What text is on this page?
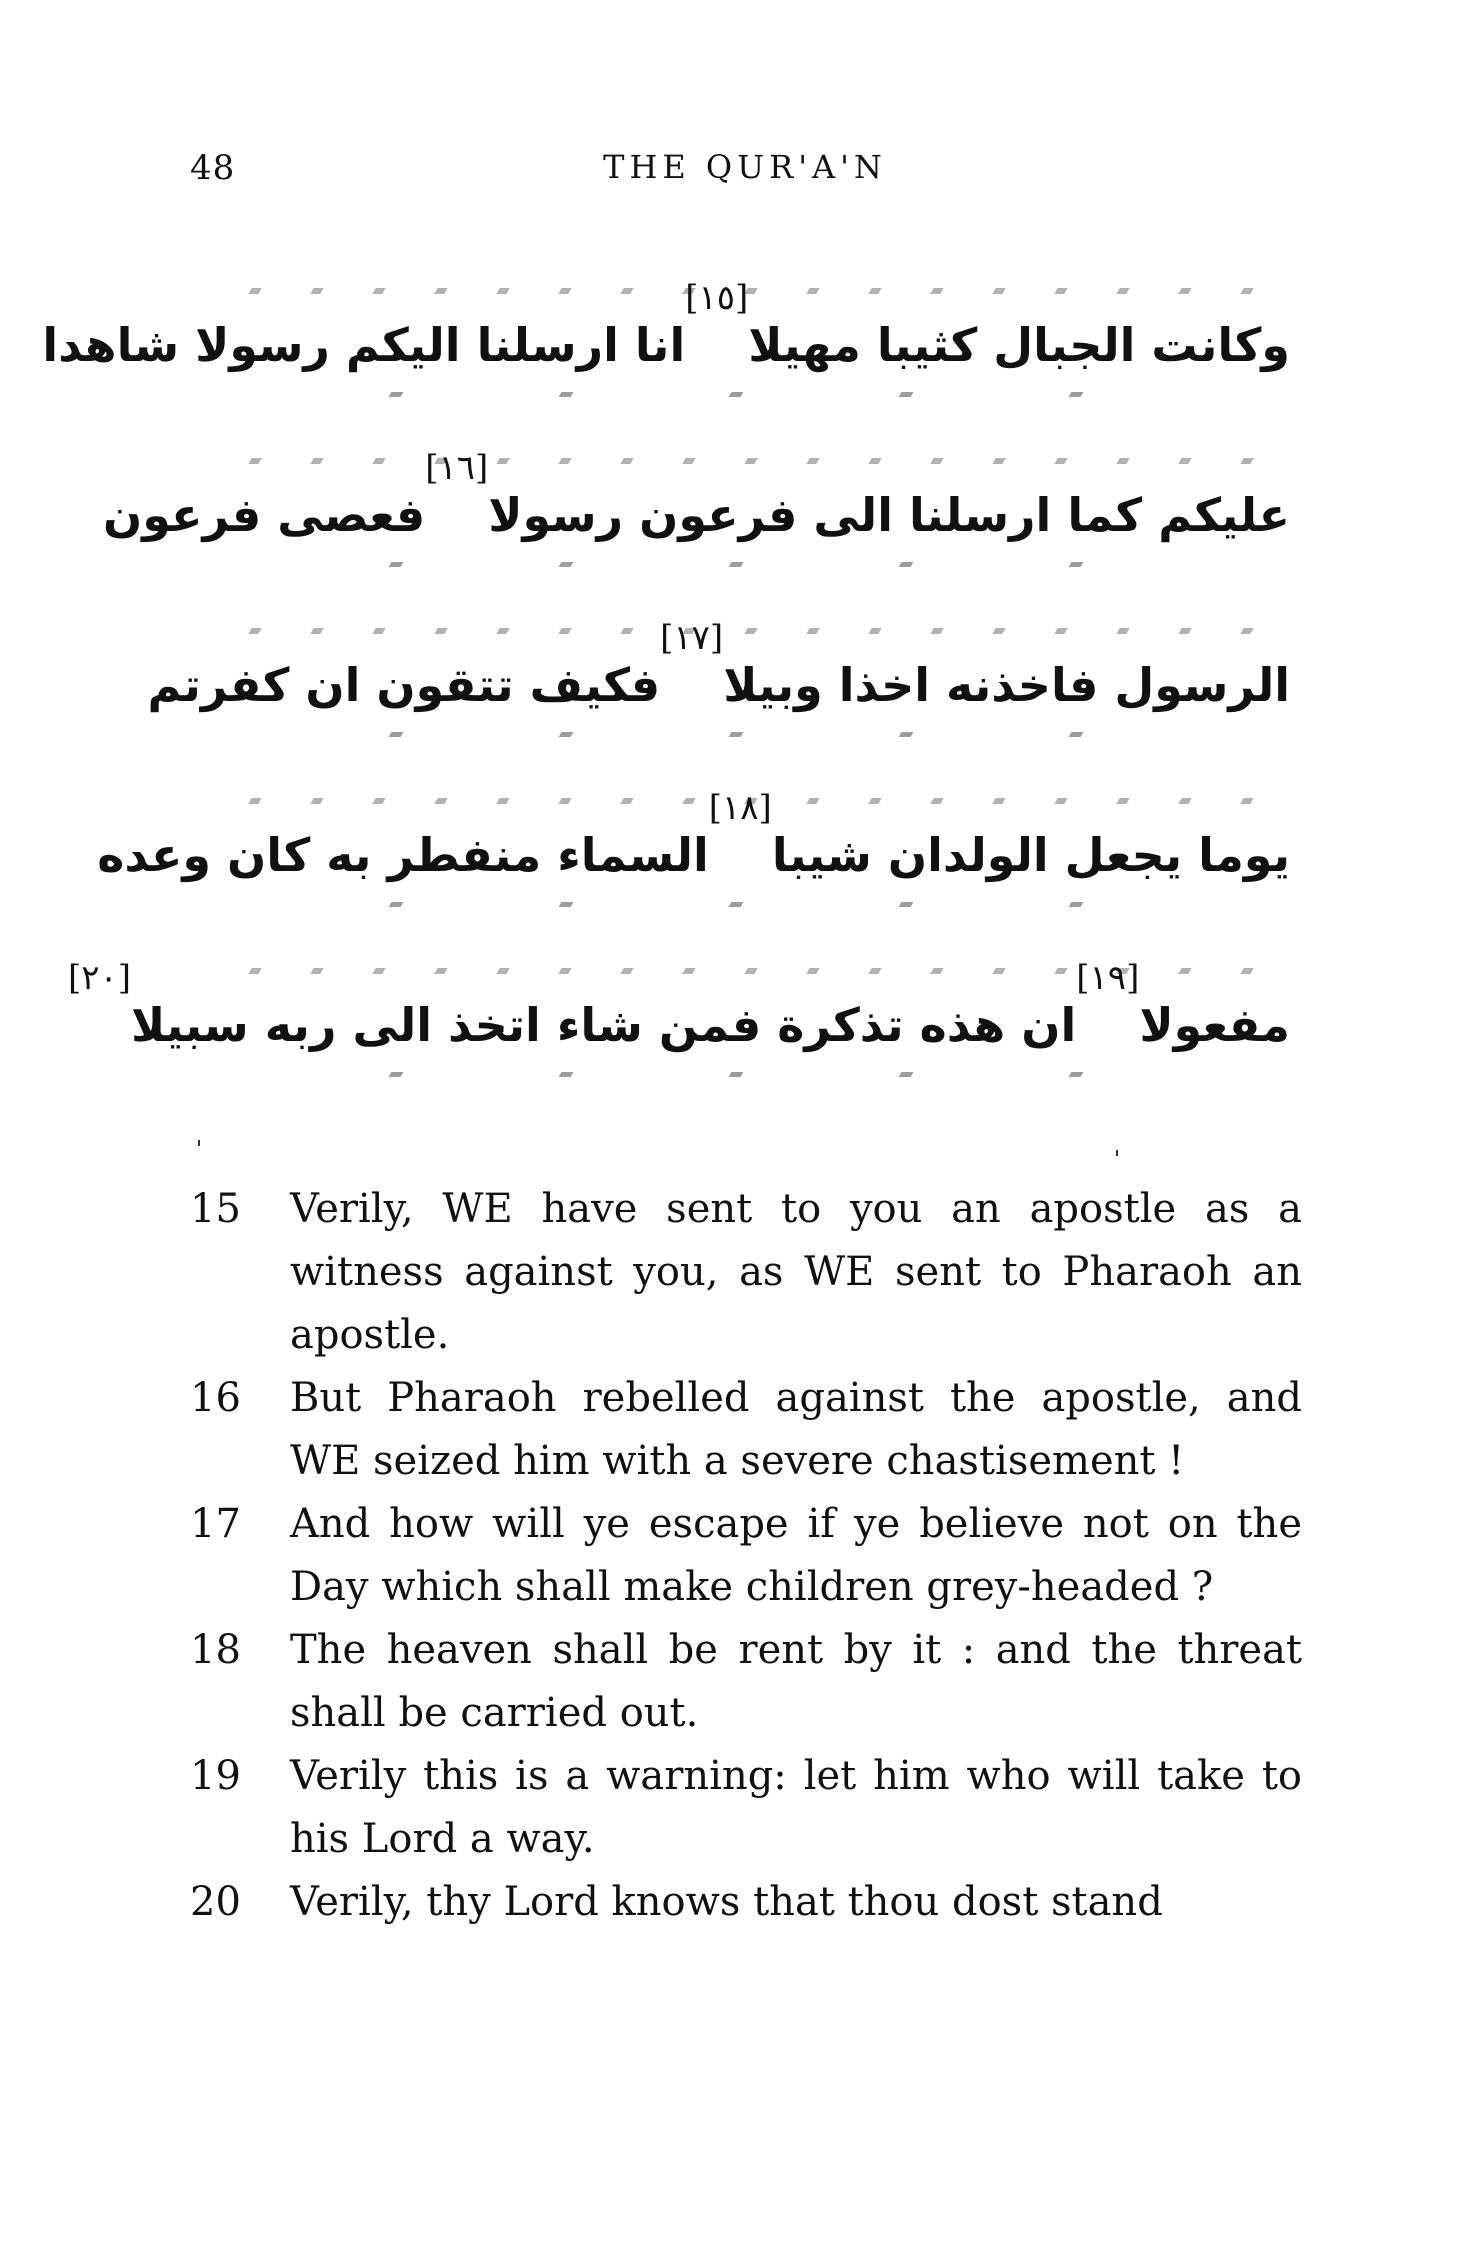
48	THE QUR'A'N
وكانت الجبال كثيبا مهيلا
[١٥]
انا ارسلنا اليكم رسولا شاهدا
عليكم كما ارسلنا الى فرعون رسولا
[١٦]
فعصى فرعون
الرسول فاخذنه اخذا وبيلا
[١٧]
فكيف تتقون ان كفرتم
يوما يجعل الولدان شيبا
[١٨]
السماء منفطر به كان وعده
مفعولا
[١٩]
ان هذه تذكرة فمن شاء اتخذ الى ربه سبيلا
[٢٠]
15	Verily, WE have sent to you an apostle as a witness against you, as WE sent to Pharaoh an apostle.
16	But Pharaoh rebelled against the apostle, and WE seized him with a severe chastisement !
17	And how will ye escape if ye believe not on the Day which shall make children grey-headed ?
18	The heaven shall be rent by it : and the threat shall be carried out.
19	Verily this is a warning: let him who will take to his Lord a way.
20	Verily, thy Lord knows that thou dost stand
